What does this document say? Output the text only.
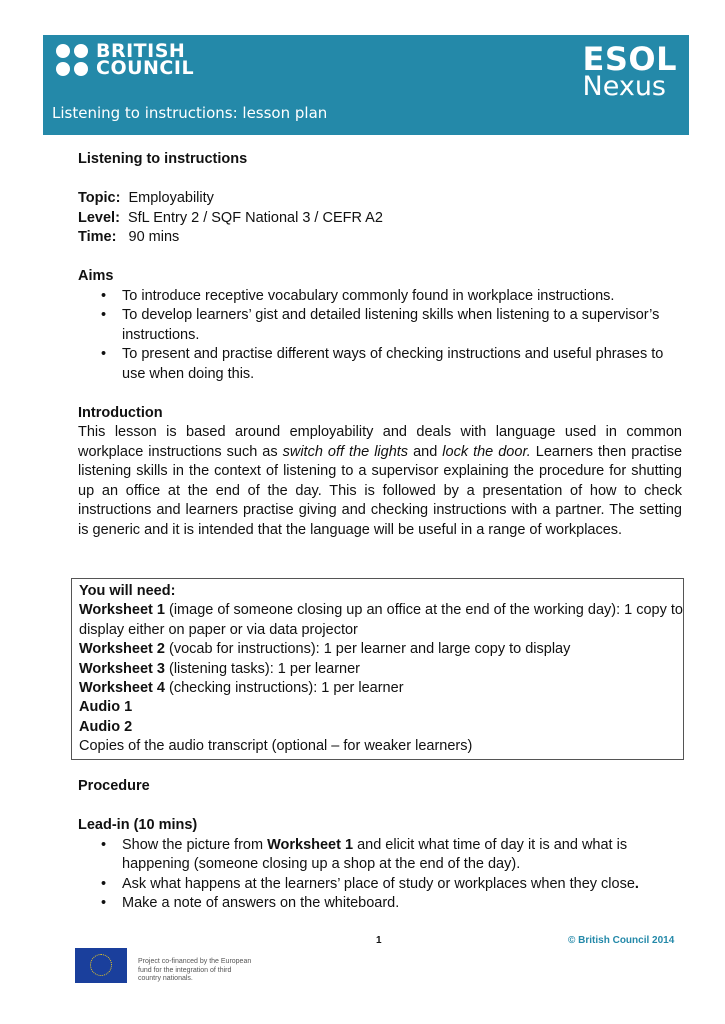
BRITISH
COUNCIL	ESOL
Nexus
Listening to instructions: lesson plan
Listening to instructions
Topic: Employability
Level: SfL Entry 2 / SQF National 3 / CEFR A2
Time: 90 mins
Aims
• To introduce receptive vocabulary commonly found in workplace instructions.
• To develop learners’ gist and detailed listening skills when listening to a supervisor’s instructions.
• To present and practise different ways of checking instructions and useful phrases to use when doing this.
Introduction
This lesson is based around employability and deals with language used in common workplace instructions such as switch off the lights and lock the door. Learners then practise listening skills in the context of listening to a supervisor explaining the procedure for shutting up an office at the end of the day. This is followed by a presentation of how to check instructions and learners practise giving and checking instructions with a partner. The setting is generic and it is intended that the language will be useful in a range of workplaces.
You will need:
Worksheet 1 (image of someone closing up an office at the end of the working day): 1 copy to display either on paper or via data projector
Worksheet 2 (vocab for instructions): 1 per learner and large copy to display
Worksheet 3 (listening tasks): 1 per learner
Worksheet 4 (checking instructions): 1 per learner
Audio 1
Audio 2
Copies of the audio transcript (optional – for weaker learners)
Procedure
Lead-in (10 mins)
• Show the picture from Worksheet 1 and elicit what time of day it is and what is happening (someone closing up a shop at the end of the day).
• Ask what happens at the learners’ place of study or workplaces when they close.
• Make a note of answers on the whiteboard.
1	© British Council 2014
Project co-financed by the European
fund for the integration of third
country nationals.
